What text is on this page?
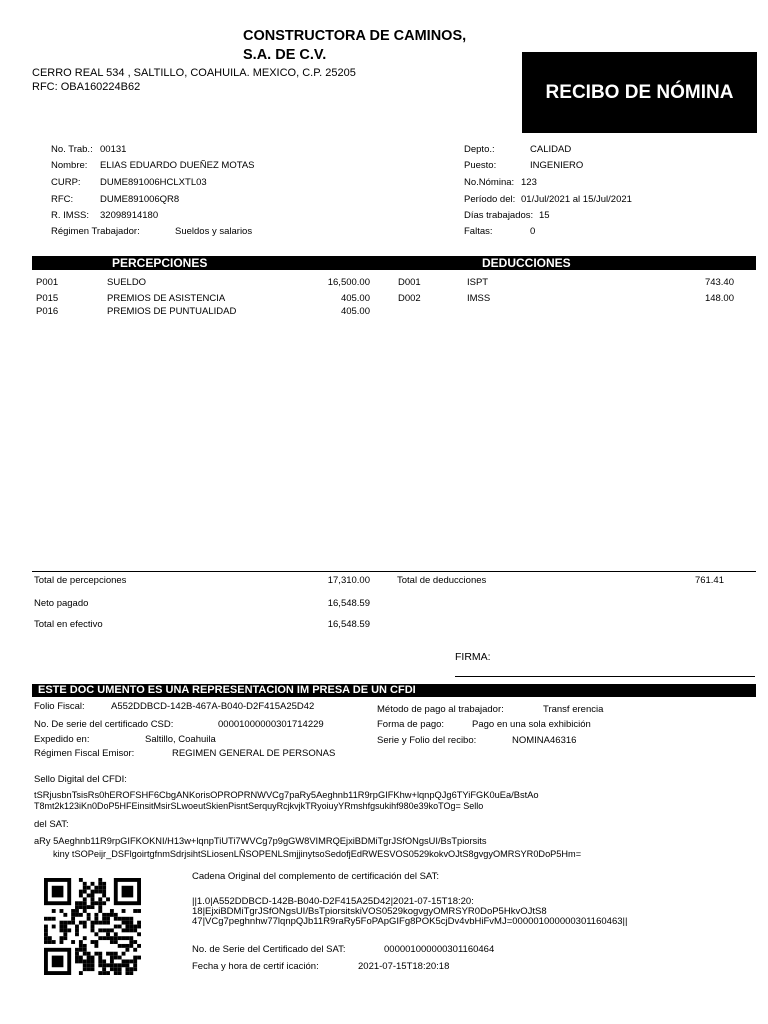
CONSTRUCTORA DE CAMINOS,
S.A. DE C.V.
CERRO REAL 534 , SALTILLO, COAHUILA. MEXICO, C.P. 25205
RFC: OBA160224B62	RECIBO DE NÓMINA
PERCEPCIONES	DEDUCCIONES
Total de percepciones	17,310.00	Total de deducciones	761.41
Neto pagado	16,548.59
Total en efectivo	16,548.59
FIRMA:
ESTE DOC UMENTO ES UNA REPRESENTACION IM PRESA DE UN CFDI
Folio Fiscal:	A552DDBCD-142B-467A-B040-D2F415A25D42
No. De serie del certificado CSD:	00001000000301714229
Expedido en:	Saltillo, Coahuila
Régimen Fiscal Emisor:	REGIMEN GENERAL DE PERSONAS
Método de pago al trabajador:	Transf erencia
Forma de pago:	Pago en una sola exhibición
Serie y Folio del recibo:	NOMINA46316
Sello Digital del CFDI:
tSRjusbnTsisRs0hEROFSHF6CbgANKorisOPROPRNWVCg7paRy5Aeghnb11R9rpGIFKhw+lqnpQJg6TYiFGK0uEa/BstAo
T8mt2k123iKn0DoP5HFEinsitMsirSLwoeutSkienPisntSerquyRcjkvjkTRyoiuyYRmshfgsukihf980e39koTOg= Sello
del SAT:
aRy 5Aeghnb11R9rpGIFKOKNI/H13w+lqnpTiUTi7WVCg7p9gGW8VIMRQEjxiBDMiTgrJSfONgsUI/BsTpiorsits
kiny tSOPeijr_DSFlgoirtgfnmSdrjsihtSLiosenLÑSOPENLSmjjinytsoSedofjEdRWESVOS0529kokvOJtS8gvgyOMRSYR0DoP5Hm=
Cadena Original del complemento de certificación del SAT:
||1.0|A552DDBCD-142B-B040-D2F415A25D42|2021-07-15T18:20:
18|EjxiBDMiTgrJSfONgsUI/BsTpiorsitskiVOS0529kogvgyOMRSYR0DoP5HkvOJtS8
47|VCg7peghnhw77lqnpQJb11R9raRy5FoPApGIFg8POK5cjDv4vbHiFvMJ=000001000000301160463||
No. de Serie del Certificado del SAT:	000001000000301160464
Fecha y hora de certif icación:	2021-07-15T18:20:18
No. Trab.: 00131
Nombre: ELIAS EDUARDO DUEÑEZ MOTAS
CURP: DUME891006HCLXTL03
RFC:	DUME891006QR8
R. IMSS: 32098914180
Régimen Trabajador:	Sueldos y salarios
Depto.:	CALIDAD
Puesto:	INGENIERO
No.Nómina: 123
Período del: 01/Jul/2021 al 15/Jul/2021
Días trabajados: 15
Faltas:	0
P001	SUELDO	16,500.00
P015	PREMIOS DE ASISTENCIA	405.00
P016	PREMIOS DE PUNTUALIDAD	405.00
D001	ISPT	743.40
D002	IMSS	148.00
